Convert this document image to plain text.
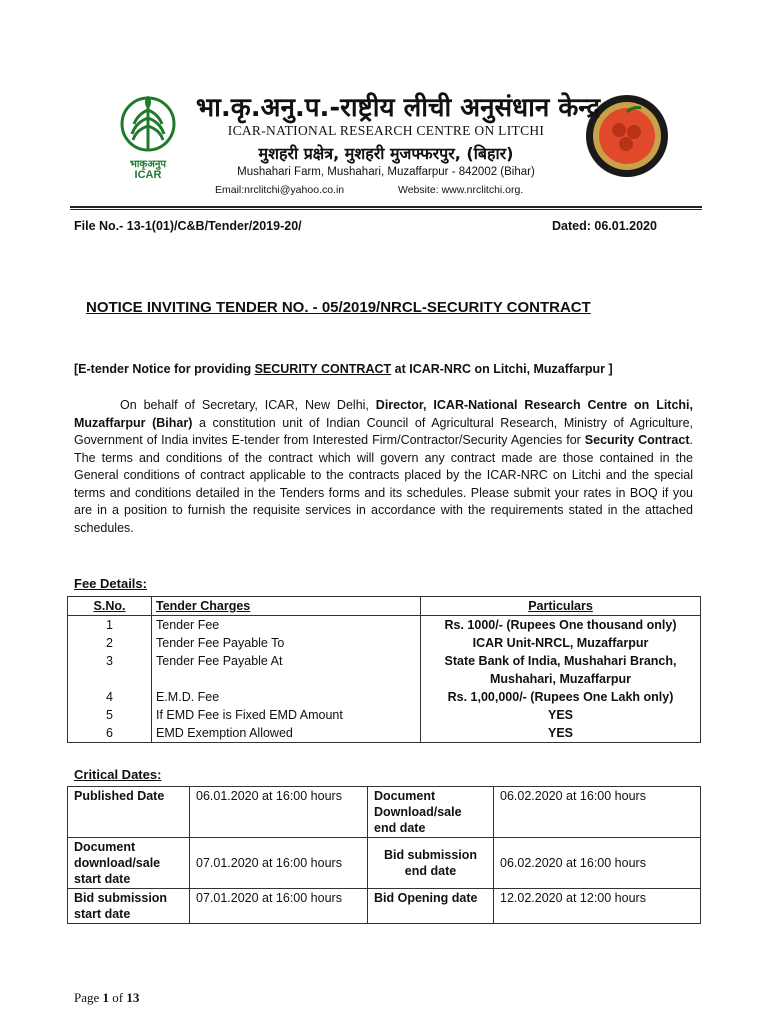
भाकृअनुप
ICAR
भा.कृ.अनु.प.-राष्ट्रीय लीची अनुसंधान केन्द्र
ICAR-NATIONAL RESEARCH CENTRE ON LITCHI
मुशहरी प्रक्षेत्र, मुशहरी मुजफ्फरपुर, (बिहार)
Mushahari Farm, Mushahari, Muzaffarpur - 842002 (Bihar)
Email:nrclitchi@yahoo.co.in	Website: www.nrclitchi.org.
File No.- 13-1(01)/C&B/Tender/2019-20/	Dated: 06.01.2020
NOTICE INVITING TENDER NO. - 05/2019/NRCL-SECURITY CONTRACT
[E-tender Notice for providing SECURITY CONTRACT at ICAR-NRC on Litchi, Muzaffarpur ]
On behalf of Secretary, ICAR, New Delhi, Director, ICAR-National Research Centre on Litchi, Muzaffarpur (Bihar) a constitution unit of Indian Council of Agricultural Research, Ministry of Agriculture, Government of India invites E-tender from Interested Firm/Contractor/Security Agencies for Security Contract. The terms and conditions of the contract which will govern any contract made are those contained in the General conditions of contract applicable to the contracts placed by the ICAR-NRC on Litchi and the special terms and conditions detailed in the Tenders forms and its schedules. Please submit your rates in BOQ if you are in a position to furnish the requisite services in accordance with the requirements stated in the attached schedules.
Fee Details:
S.No.	Tender Charges	Particulars
1	Tender Fee	Rs. 1000/- (Rupees One thousand only)
2	Tender Fee Payable To	ICAR Unit-NRCL, Muzaffarpur
3	Tender Fee Payable At	State Bank of India, Mushahari Branch,
Mushahari, Muzaffarpur

4	E.M.D. Fee	Rs. 1,00,000/- (Rupees One Lakh only)
5	If EMD Fee is Fixed EMD Amount	YES
6	EMD Exemption Allowed	YES
Critical Dates:
Published Date	06.01.2020 at 16:00 hours	Document Download/sale end date	06.02.2020 at 16:00 hours
Document download/sale start date	07.01.2020 at 16:00 hours	Bid submission end date	06.02.2020 at 16:00 hours
Bid submission start date	07.01.2020 at 16:00 hours	Bid Opening date	12.02.2020 at 12:00 hours
Page 1 of 13
